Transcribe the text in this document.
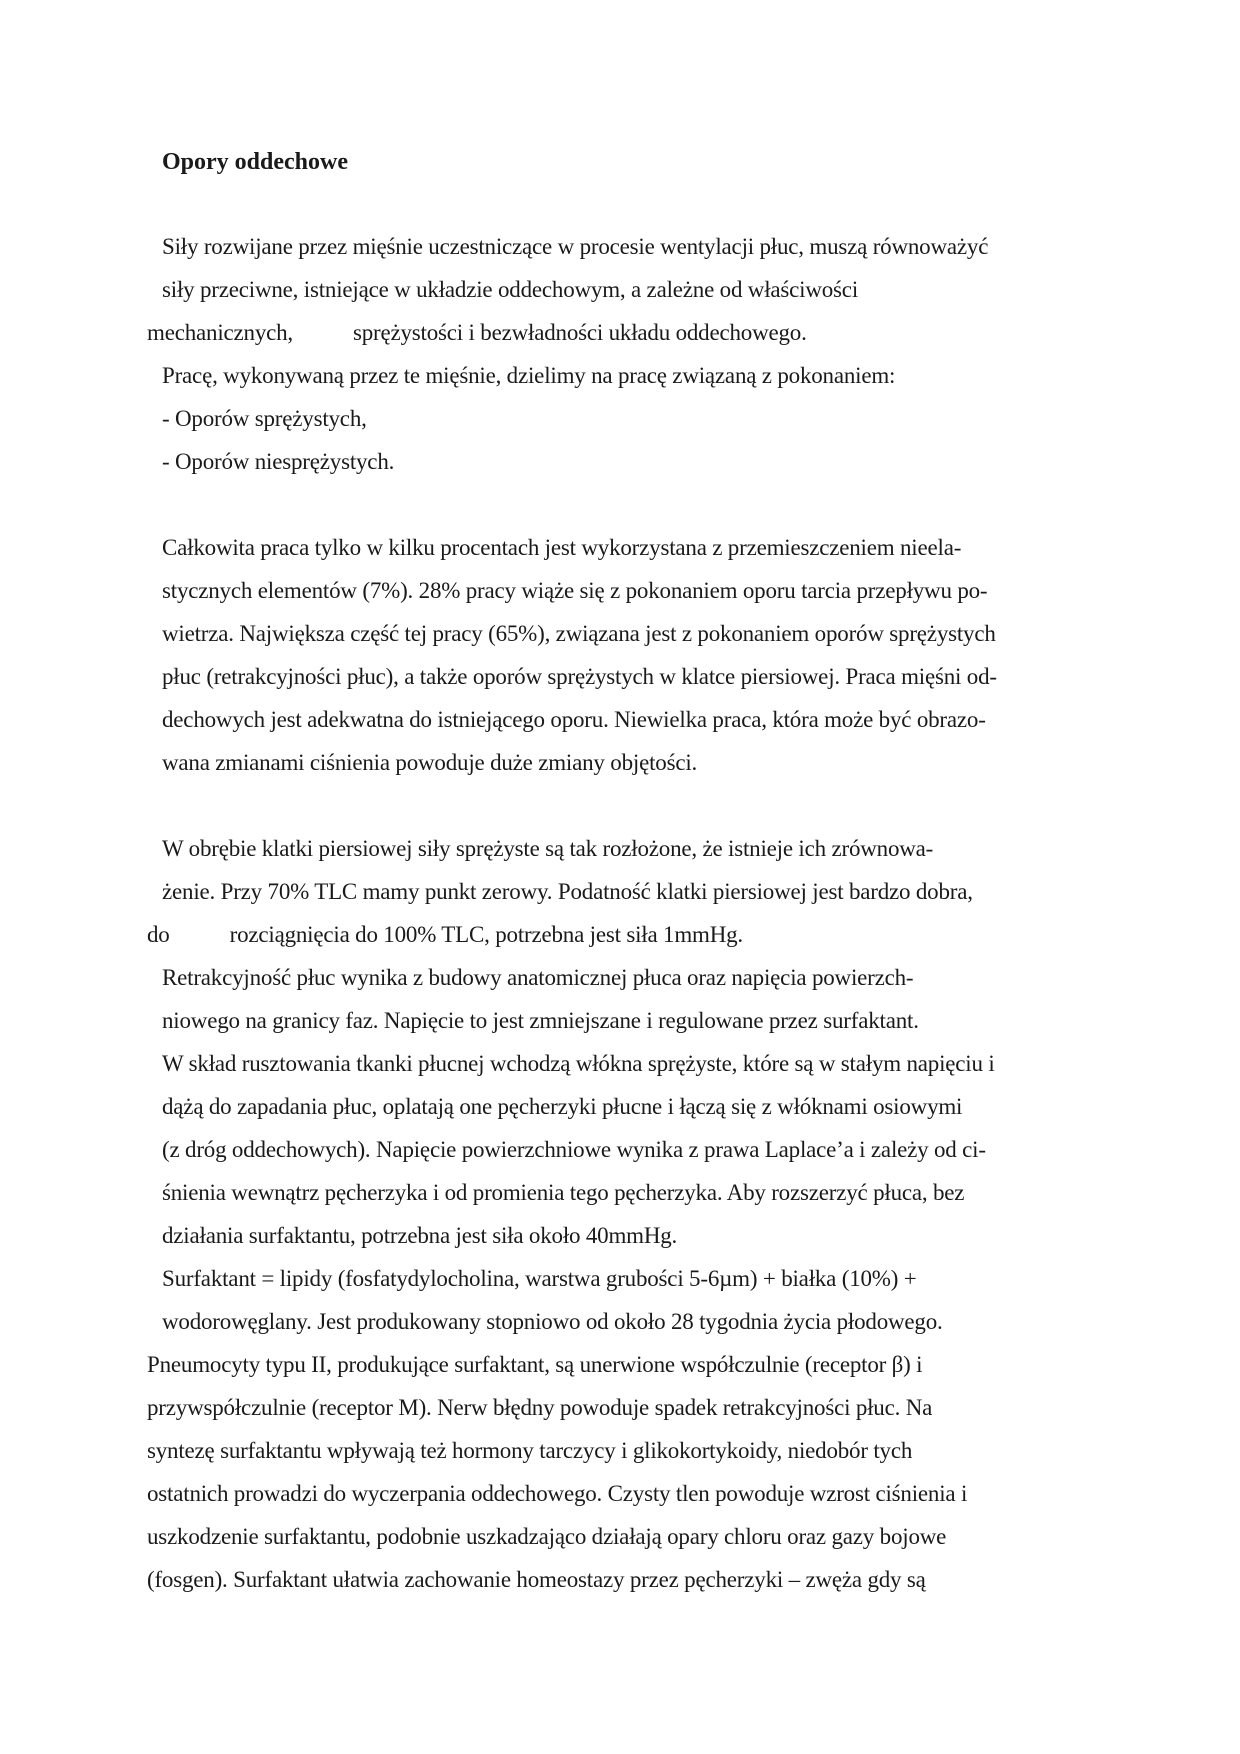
Opory oddechowe
Siły rozwijane przez mięśnie uczestniczące w procesie wentylacji płuc, muszą równoważyć
siły przeciwne, istniejące w układzie oddechowym, a zależne od właściwości
mechanicznych,	sprężystości i bezwładności układu oddechowego.
Pracę, wykonywaną przez te mięśnie, dzielimy na pracę związaną z pokonaniem:
- Oporów sprężystych,
- Oporów niesprężystych.
Całkowita praca tylko w kilku procentach jest wykorzystana z przemieszczeniem nieela-
stycznych elementów (7%). 28% pracy wiąże się z pokonaniem oporu tarcia przepływu po-
wietrza. Największa część tej pracy (65%), związana jest z pokonaniem oporów sprężystych
płuc (retrakcyjności płuc), a także oporów sprężystych w klatce piersiowej. Praca mięśni od-
dechowych jest adekwatna do istniejącego oporu. Niewielka praca, która może być obrazo-
wana zmianami ciśnienia powoduje duże zmiany objętości.
W obrębie klatki piersiowej siły sprężyste są tak rozłożone, że istnieje ich zrównowa-
żenie. Przy 70% TLC mamy punkt zerowy. Podatność klatki piersiowej jest bardzo dobra,
do	rozciągnięcia do 100% TLC, potrzebna jest siła 1mmHg.
Retrakcyjność płuc wynika z budowy anatomicznej płuca oraz napięcia powierzch-
niowego na granicy faz. Napięcie to jest zmniejszane i regulowane przez surfaktant.
W skład rusztowania tkanki płucnej wchodzą włókna sprężyste, które są w stałym napięciu i
dążą do zapadania płuc, oplatają one pęcherzyki płucne i łączą się z włóknami osiowymi
(z dróg oddechowych). Napięcie powierzchniowe wynika z prawa Laplace’a i zależy od ci-
śnienia wewnątrz pęcherzyka i od promienia tego pęcherzyka. Aby rozszerzyć płuca, bez
działania surfaktantu, potrzebna jest siła około 40mmHg.
Surfaktant = lipidy (fosfatydylocholina, warstwa grubości 5-6µm) + białka (10%) +
wodorowęglany. Jest produkowany stopniowo od około 28 tygodnia życia płodowego.
Pneumocyty typu II, produkujące surfaktant, są unerwione współczulnie (receptor β) i
przywspółczulnie (receptor M). Nerw błędny powoduje spadek retrakcyjności płuc. Na
syntezę surfaktantu wpływają też hormony tarczycy i glikokortykoidy, niedobór tych
ostatnich prowadzi do wyczerpania oddechowego. Czysty tlen powoduje wzrost ciśnienia i
uszkodzenie surfaktantu, podobnie uszkadzająco działają opary chloru oraz gazy bojowe
(fosgen). Surfaktant ułatwia zachowanie homeostazy przez pęcherzyki – zwęża gdy są
